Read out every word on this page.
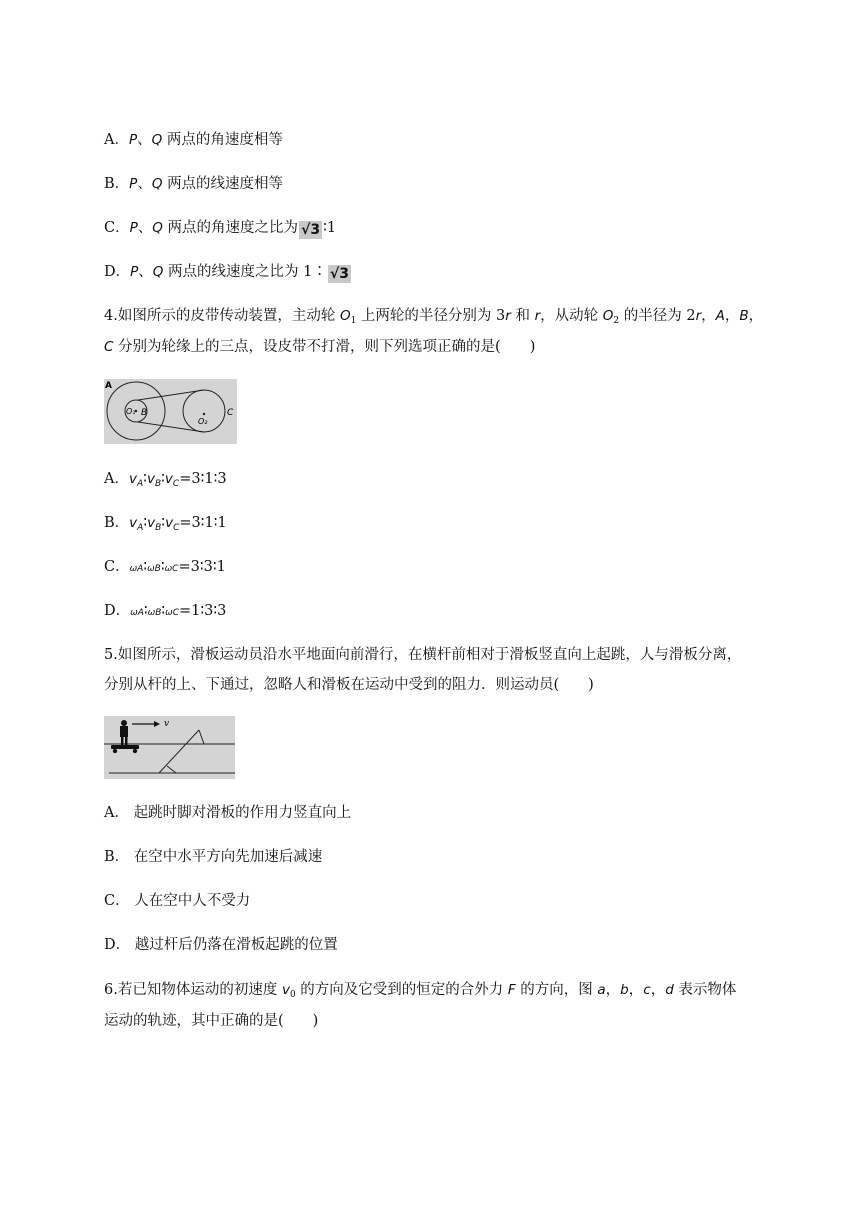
A．P、Q 两点的角速度相等
B．P、Q 两点的线速度相等
C．P、Q 两点的角速度之比为 √3 ∶1
D．P、Q 两点的线速度之比为 1∶ √3
4.如图所示的皮带传动装置，主动轮 $O_1$ 上两轮的半径分别为 3r 和 r，从动轮 $O_2$ 的半径为 2r，A，B，
C 分别为轮缘上的三点，设皮带不打滑，则下列选项正确的是(　　)
A
O₁ B
O₂
C
A．$v_A∶v_B∶v_C=3∶1∶3$
B．$v_A∶v_B∶v_C=3∶1∶1$
C．ωA∶ωB∶ωC=3∶3∶1
D．ωA∶ωB∶ωC=1∶3∶3
5.如图所示，滑板运动员沿水平地面向前滑行，在横杆前相对于滑板竖直向上起跳，人与滑板分离，
分别从杆的上、下通过，忽略人和滑板在运动中受到的阻力．则运动员(　　)
v
A． 起跳时脚对滑板的作用力竖直向上
B． 在空中水平方向先加速后减速
C． 人在空中人不受力
D． 越过杆后仍落在滑板起跳的位置
6.若已知物体运动的初速度 $v_0$ 的方向及它受到的恒定的合外力 F 的方向，图 a，b，c，d 表示物体
运动的轨迹，其中正确的是(　　)
